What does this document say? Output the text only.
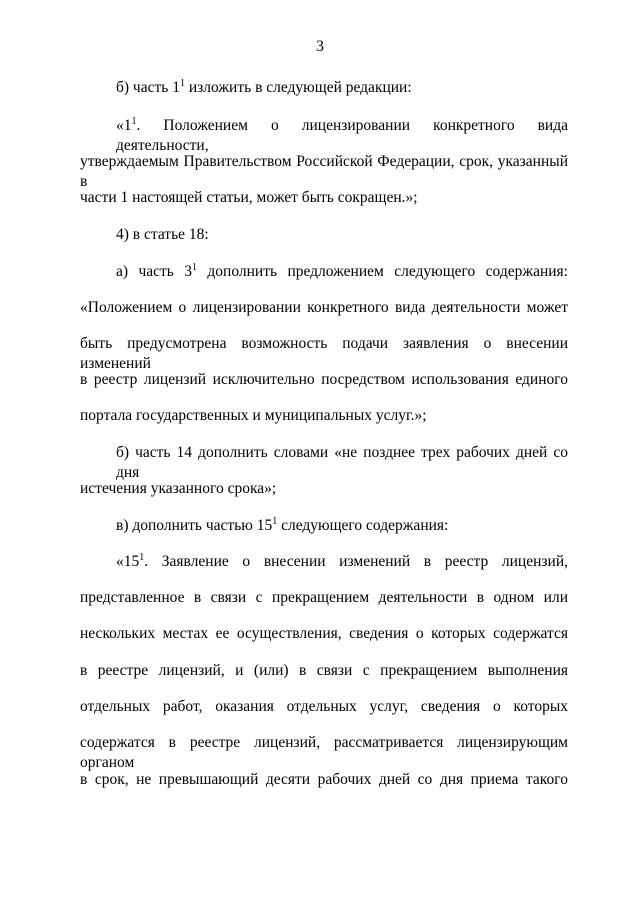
3
б) часть $1^1$ изложить в следующей редакции:
«$1^1$. Положением о лицензировании конкретного вида деятельности,
утверждаемым Правительством Российской Федерации, срок, указанный в
части 1 настоящей статьи, может быть сокращен.»;
4) в статье 18:
а) часть $3^1$ дополнить предложением следующего содержания:
«Положением о лицензировании конкретного вида деятельности может
быть предусмотрена возможность подачи заявления о внесении изменений
в реестр лицензий исключительно посредством использования единого
портала государственных и муниципальных услуг.»;
б) часть 14 дополнить словами «не позднее трех рабочих дней со дня
истечения указанного срока»;
в) дополнить частью $15^1$ следующего содержания:
«$15^1$. Заявление о внесении изменений в реестр лицензий,
представленное в связи с прекращением деятельности в одном или
нескольких местах ее осуществления, сведения о которых содержатся
в реестре лицензий, и (или) в связи с прекращением выполнения
отдельных работ, оказания отдельных услуг, сведения о которых
содержатся в реестре лицензий, рассматривается лицензирующим органом
в срок, не превышающий десяти рабочих дней со дня приема такого
